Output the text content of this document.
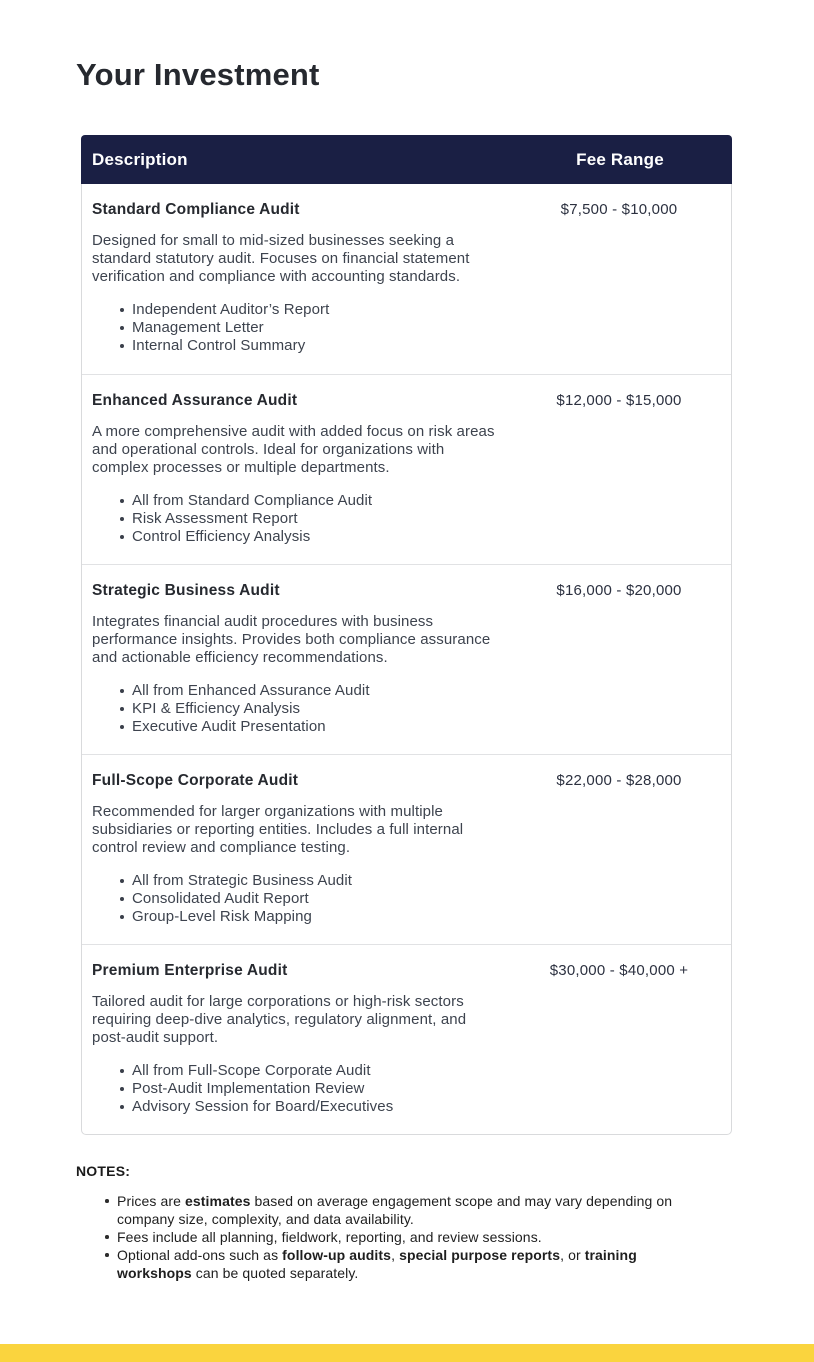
Your Investment
Description	Fee Range
Standard Compliance Audit

Designed for small to mid-sized businesses seeking a standard statutory audit. Focuses on financial statement verification and compliance with accounting standards.

Independent Auditor’s Report
Management Letter
Internal Control Summary
$7,500 - $10,000
Enhanced Assurance Audit

A more comprehensive audit with added focus on risk areas and operational controls. Ideal for organizations with complex processes or multiple departments.

All from Standard Compliance Audit
Risk Assessment Report
Control Efficiency Analysis
$12,000 - $15,000
Strategic Business Audit

Integrates financial audit procedures with business performance insights. Provides both compliance assurance and actionable efficiency recommendations.

All from Enhanced Assurance Audit
KPI & Efficiency Analysis
Executive Audit Presentation
$16,000 - $20,000
Full-Scope Corporate Audit

Recommended for larger organizations with multiple subsidiaries or reporting entities. Includes a full internal control review and compliance testing.

All from Strategic Business Audit
Consolidated Audit Report
Group-Level Risk Mapping
$22,000 - $28,000
Premium Enterprise Audit

Tailored audit for large corporations or high-risk sectors requiring deep-dive analytics, regulatory alignment, and post-audit support.

All from Full-Scope Corporate Audit
Post-Audit Implementation Review
Advisory Session for Board/Executives
$30,000 - $40,000 +
NOTES:
Prices are estimates based on average engagement scope and may vary depending on company size, complexity, and data availability.
Fees include all planning, fieldwork, reporting, and review sessions.
Optional add-ons such as follow-up audits, special purpose reports, or training workshops can be quoted separately.
